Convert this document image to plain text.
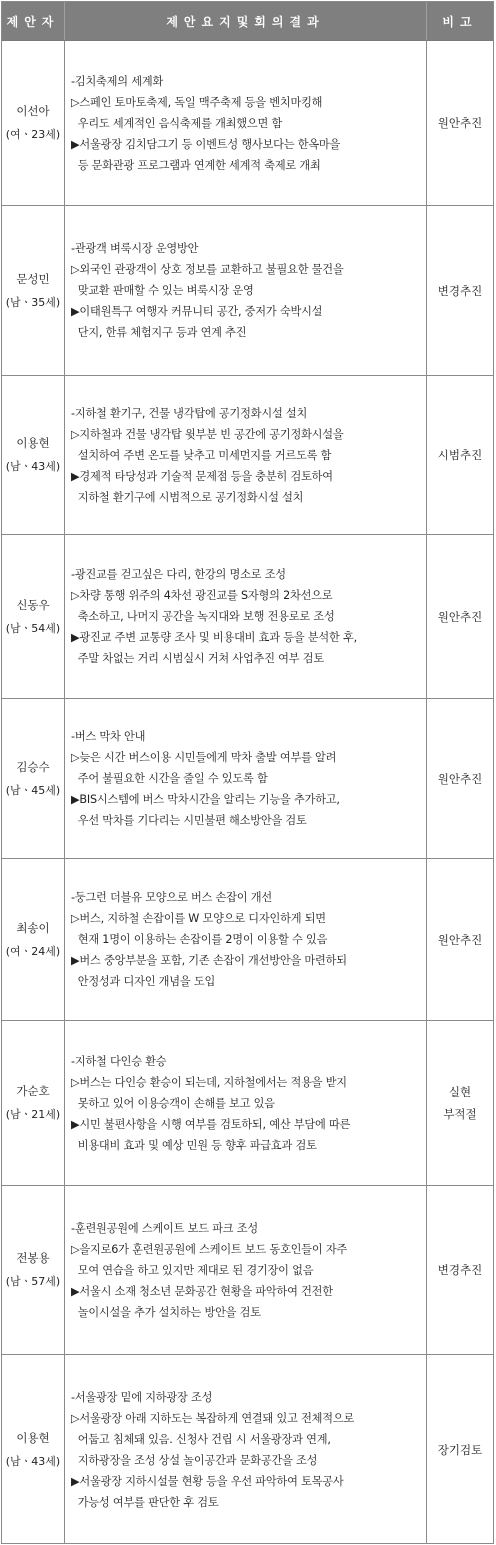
제안자	제안요지및회의결과	비고
이선아
(여ㆍ23세)
-김치축제의 세계화
▷스페인 토마토축제, 독일 맥주축제 등을 벤치마킹해
우리도 세계적인 음식축제를 개최했으면 함
▶서울광장 김치담그기 등 이벤트성 행사보다는 한옥마을
등 문화관광 프로그램과 연계한 세계적 축제로 개최
원안추진
문성민
(남ㆍ35세)
-관광객 벼룩시장 운영방안
▷외국인 관광객이 상호 정보를 교환하고 불필요한 물건을
맞교환 판매할 수 있는 벼룩시장 운영
▶이태원특구 여행자 커뮤니티 공간, 중저가 숙박시설
단지, 한류 체험지구 등과 연계 추진
변경추진
이용현
(남ㆍ43세)
-지하철 환기구, 건물 냉각탑에 공기정화시설 설치
▷지하철과 건물 냉각탑 윗부분 빈 공간에 공기정화시설을
설치하여 주변 온도를 낮추고 미세먼지를 거르도록 함
▶경제적 타당성과 기술적 문제점 등을 충분히 검토하여
지하철 환기구에 시범적으로 공기정화시설 설치
시범추진
신동우
(남ㆍ54세)
-광진교를 걷고싶은 다리, 한강의 명소로 조성
▷차량 통행 위주의 4차선 광진교를 S자형의 2차선으로
축소하고, 나머지 공간을 녹지대와 보행 전용로로 조성
▶광진교 주변 교통량 조사 및 비용대비 효과 등을 분석한 후,
주말 차없는 거리 시범실시 거쳐 사업추진 여부 검토
원안추진
김승수
(남ㆍ45세)
-버스 막차 안내
▷늦은 시간 버스이용 시민들에게 막차 출발 여부를 알려
주어 불필요한 시간을 줄일 수 있도록 함
▶BIS시스템에 버스 막차시간을 알리는 기능을 추가하고,
우선 막차를 기다리는 시민불편 해소방안을 검토
원안추진
최송이
(여ㆍ24세)
-둥그런 더블유 모양으로 버스 손잡이 개선
▷버스, 지하철 손잡이를 W 모양으로 디자인하게 되면
현재 1명이 이용하는 손잡이를 2명이 이용할 수 있음
▶버스 중앙부분을 포함, 기존 손잡이 개선방안을 마련하되
안정성과 디자인 개념을 도입
원안추진
가순호
(남ㆍ21세)
-지하철 다인승 환승
▷버스는 다인승 환승이 되는데, 지하철에서는 적용을 받지
못하고 있어 이용승객이 손해를 보고 있음
▶시민 불편사항을 시행 여부를 검토하되, 예산 부담에 따른
비용대비 효과 및 예상 민원 등 향후 파급효과 검토
실현
부적절
전봉용
(남ㆍ57세)
-훈련원공원에 스케이트 보드 파크 조성
▷을지로6가 훈련원공원에 스케이트 보드 동호인들이 자주
모여 연습을 하고 있지만 제대로 된 경기장이 없음
▶서울시 소재 청소년 문화공간 현황을 파악하여 건전한
놀이시설을 추가 설치하는 방안을 검토
변경추진
이용현
(남ㆍ43세)
-서울광장 밑에 지하광장 조성
▷서울광장 아래 지하도는 복잡하게 연결돼 있고 전체적으로
어둡고 침체돼 있음. 신청사 건립 시 서울광장과 연계,
지하광장을 조성 상설 놀이공간과 문화공간을 조성
▶서울광장 지하시설물 현황 등을 우선 파악하여 토목공사
가능성 여부를 판단한 후 검토
장기검토
